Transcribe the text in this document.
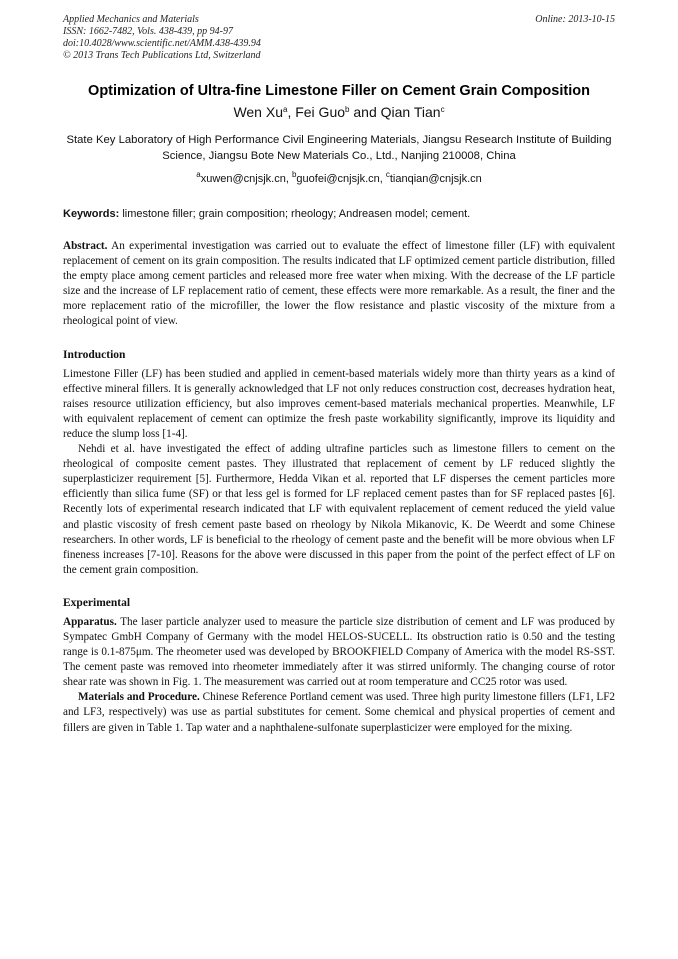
Applied Mechanics and Materials
ISSN: 1662-7482, Vols. 438-439, pp 94-97
doi:10.4028/www.scientific.net/AMM.438-439.94
© 2013 Trans Tech Publications Ltd, Switzerland
Online: 2013-10-15
Optimization of Ultra-fine Limestone Filler on Cement Grain Composition
Wen Xu$^a$, Fei Guo$^b$ and Qian Tian$^c$
State Key Laboratory of High Performance Civil Engineering Materials, Jiangsu Research Institute of Building Science, Jiangsu Bote New Materials Co., Ltd., Nanjing 210008, China
$^a$xuwen@cnjsjk.cn, $^b$guofei@cnjsjk.cn, $^c$tianqian@cnjsjk.cn
Keywords: limestone filler; grain composition; rheology; Andreasen model; cement.

Abstract. An experimental investigation was carried out to evaluate the effect of limestone filler (LF) with equivalent replacement of cement on its grain composition. The results indicated that LF optimized cement particle distribution, filled the empty place among cement particles and released more free water when mixing. With the decrease of the LF particle size and the increase of LF replacement ratio of cement, these effects were more remarkable. As a result, the finer and the more replacement ratio of the microfiller, the lower the flow resistance and plastic viscosity of the mixture from a rheological point of view.

Introduction

Limestone Filler (LF) has been studied and applied in cement-based materials widely more than thirty years as a kind of effective mineral fillers. It is generally acknowledged that LF not only reduces construction cost, decreases hydration heat, raises resource utilization efficiency, but also improves cement-based materials mechanical properties. Meanwhile, LF with equivalent replacement of cement can optimize the fresh paste workability significantly, improve its liquidity and reduce the slump loss [1-4].

Nehdi et al. have investigated the effect of adding ultrafine particles such as limestone fillers to cement on the rheological of composite cement pastes. They illustrated that replacement of cement by LF reduced slightly the superplasticizer requirement [5]. Furthermore, Hedda Vikan et al. reported that LF disperses the cement particles more efficiently than silica fume (SF) or that less gel is formed for LF replaced cement pastes than for SF replaced pastes [6]. Recently lots of experimental research indicated that LF with equivalent replacement of cement reduced the yield value and plastic viscosity of fresh cement paste based on rheology by Nikola Mikanovic, K. De Weerdt and some Chinese researchers. In other words, LF is beneficial to the rheology of cement paste and the benefit will be more obvious when LF fineness increases [7-10]. Reasons for the above were discussed in this paper from the point of the perfect effect of LF on the cement grain composition.

Experimental

Apparatus. The laser particle analyzer used to measure the particle size distribution of cement and LF was produced by Sympatec GmbH Company of Germany with the model HELOS-SUCELL. Its obstruction ratio is 0.50 and the testing range is 0.1-875μm. The rheometer used was developed by BROOKFIELD Company of America with the model RS-SST. The cement paste was removed into rheometer immediately after it was stirred uniformly. The changing course of rotor shear rate was shown in Fig. 1. The measurement was carried out at room temperature and CC25 rotor was used.

Materials and Procedure. Chinese Reference Portland cement was used. Three high purity limestone fillers (LF1, LF2 and LF3, respectively) was use as partial substitutes for cement. Some chemical and physical properties of cement and fillers are given in Table 1. Tap water and a naphthalene-sulfonate superplasticizer were employed for the mixing.
